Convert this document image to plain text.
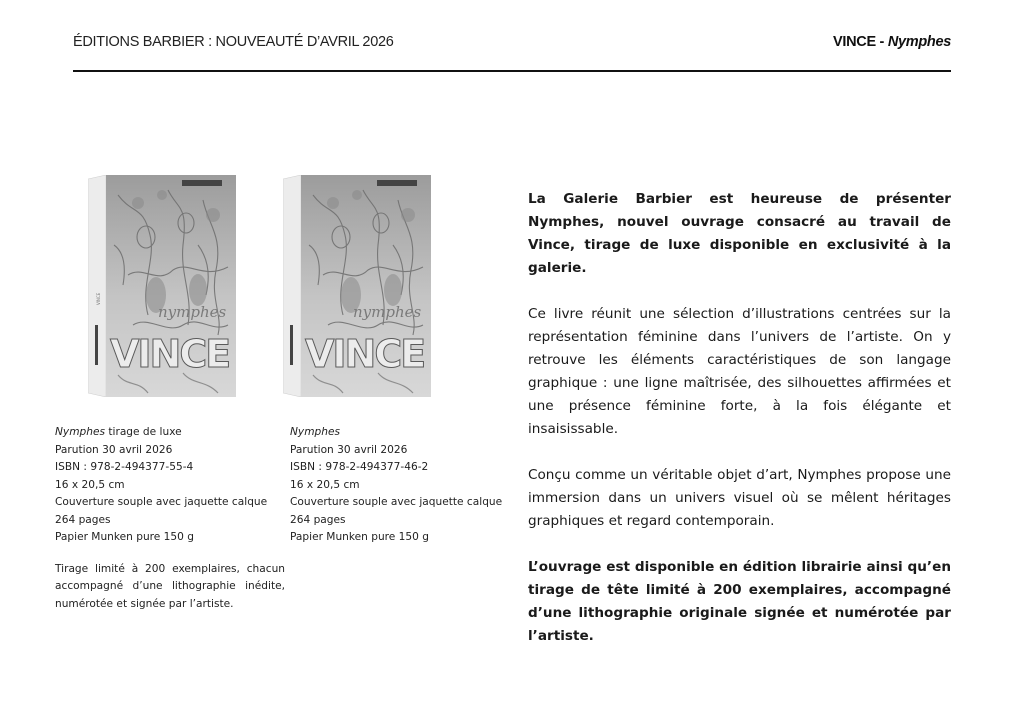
ÉDITIONS BARBIER : NOUVEAUTÉ D’AVRIL 2026	VINCE - Nymphes
VINCE
nymphes
VINCE
nymphes
VINCE

Nymphes tirage de luxe

Parution 30 avril 2026

ISBN : 978-2-494377-55-4

16 x 20,5 cm

Couverture souple avec jaquette calque

264 pages

Papier Munken pure 150 g

Tirage limité à 200 exemplaires, chacun accompagné d’une lithographie inédite, numérotée et signée par l’artiste.

Nymphes

Parution 30 avril 2026

ISBN : 978-2-494377-46-2

16 x 20,5 cm

Couverture souple avec jaquette calque

264 pages

Papier Munken pure 150 g

La Galerie Barbier est heureuse de présenter Nymphes, nouvel ouvrage consacré au travail de Vince, tirage de luxe disponible en exclusivité à la galerie.

Ce livre réunit une sélection d’illustrations centrées sur la représentation féminine dans l’univers de l’artiste. On y retrouve les éléments caractéristiques de son langage graphique : une ligne maîtrisée, des silhouettes affirmées et une présence féminine forte, à la fois élégante et insaisissable.

Conçu comme un véritable objet d’art, Nymphes propose une immersion dans un univers visuel où se mêlent héritages graphiques et regard contemporain.

L’ouvrage est disponible en édition librairie ainsi qu’en tirage de tête limité à 200 exemplaires, accompagné d’une lithographie originale signée et numérotée par l’artiste.
